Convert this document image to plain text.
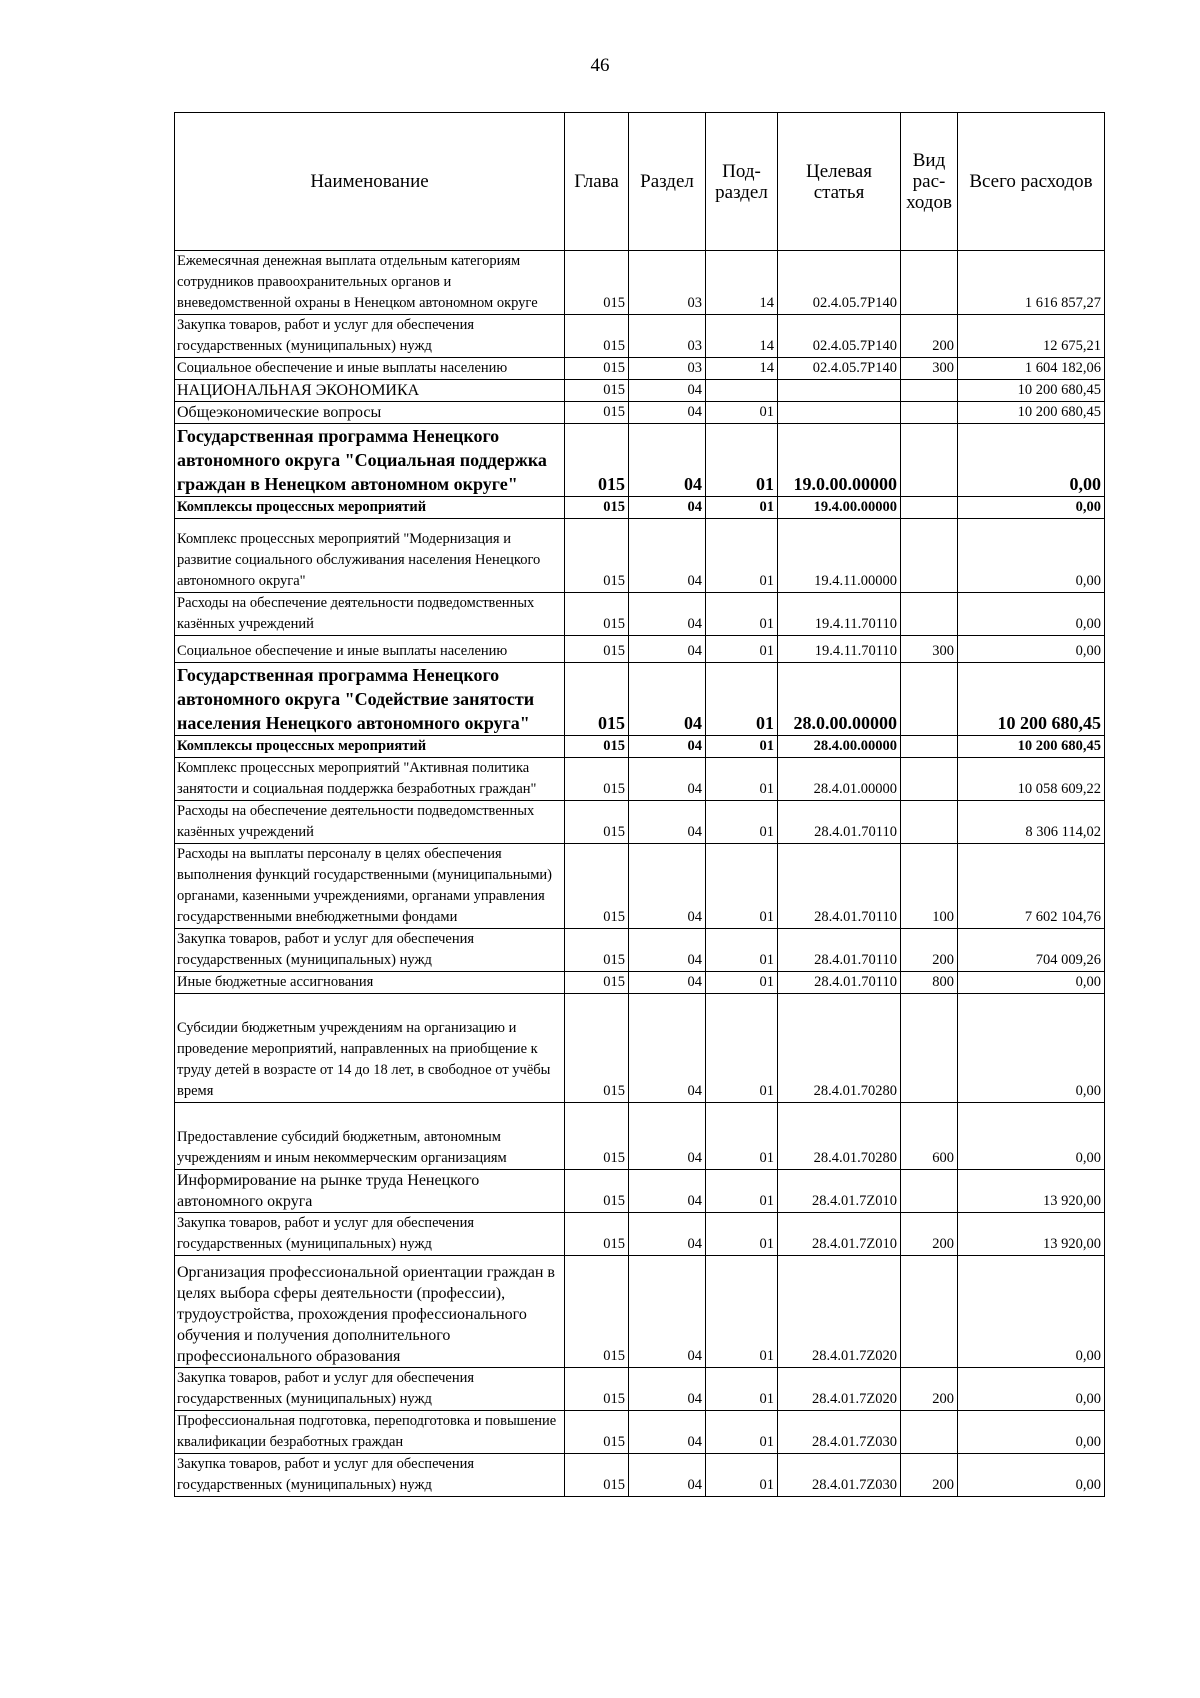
46
Наименование	Глава	Раздел	Под-раздел	Целевая статья	Вид рас-ходов	Всего расходов
Ежемесячная денежная выплата отдельным категориям сотрудников правоохранительных органов и вневедомственной охраны в Ненецком автономном округе	015	03	14	02.4.05.7Р140		1 616 857,27
Закупка товаров, работ и услуг для обеспечения государственных (муниципальных) нужд	015	03	14	02.4.05.7Р140	200	12 675,21
Социальное обеспечение и иные выплаты населению	015	03	14	02.4.05.7Р140	300	1 604 182,06
НАЦИОНАЛЬНАЯ ЭКОНОМИКА	015	04				10 200 680,45
Общеэкономические вопросы	015	04	01			10 200 680,45
Государственная программа Ненецкого автономного округа "Социальная поддержка граждан в Ненецком автономном округе"	015	04	01	19.0.00.00000		0,00
Комплексы процессных мероприятий	015	04	01	19.4.00.00000		0,00
Комплекс процессных мероприятий "Модернизация и развитие социального обслуживания населения Ненецкого автономного округа"	015	04	01	19.4.11.00000		0,00
Расходы на обеспечение деятельности подведомственных казённых учреждений	015	04	01	19.4.11.70110		0,00
Социальное обеспечение и иные выплаты населению	015	04	01	19.4.11.70110	300	0,00
Государственная программа Ненецкого автономного округа "Содействие занятости населения Ненецкого автономного округа"	015	04	01	28.0.00.00000		10 200 680,45
Комплексы процессных мероприятий	015	04	01	28.4.00.00000		10 200 680,45
Комплекс процессных мероприятий "Активная политика занятости и социальная поддержка безработных граждан"	015	04	01	28.4.01.00000		10 058 609,22
Расходы на обеспечение деятельности подведомственных казённых учреждений	015	04	01	28.4.01.70110		8 306 114,02
Расходы на выплаты персоналу в целях обеспечения выполнения функций государственными (муниципальными) органами, казенными учреждениями, органами управления государственными внебюджетными фондами	015	04	01	28.4.01.70110	100	7 602 104,76
Закупка товаров, работ и услуг для обеспечения государственных (муниципальных) нужд	015	04	01	28.4.01.70110	200	704 009,26
Иные бюджетные ассигнования	015	04	01	28.4.01.70110	800	0,00
Субсидии бюджетным учреждениям на организацию и проведение мероприятий, направленных на приобщение к труду детей в возрасте от 14 до 18 лет, в свободное от учёбы время	015	04	01	28.4.01.70280		0,00
Предоставление субсидий бюджетным, автономным учреждениям и иным некоммерческим организациям	015	04	01	28.4.01.70280	600	0,00
Информирование на рынке труда Ненецкого автономного округа	015	04	01	28.4.01.7Z010		13 920,00
Закупка товаров, работ и услуг для обеспечения государственных (муниципальных) нужд	015	04	01	28.4.01.7Z010	200	13 920,00
Организация профессиональной ориентации граждан в целях выбора сферы деятельности (профессии), трудоустройства, прохождения профессионального обучения и получения дополнительного профессионального образования	015	04	01	28.4.01.7Z020		0,00
Закупка товаров, работ и услуг для обеспечения государственных (муниципальных) нужд	015	04	01	28.4.01.7Z020	200	0,00
Профессиональная подготовка, переподготовка и повышение квалификации безработных граждан	015	04	01	28.4.01.7Z030		0,00
Закупка товаров, работ и услуг для обеспечения государственных (муниципальных) нужд	015	04	01	28.4.01.7Z030	200	0,00
